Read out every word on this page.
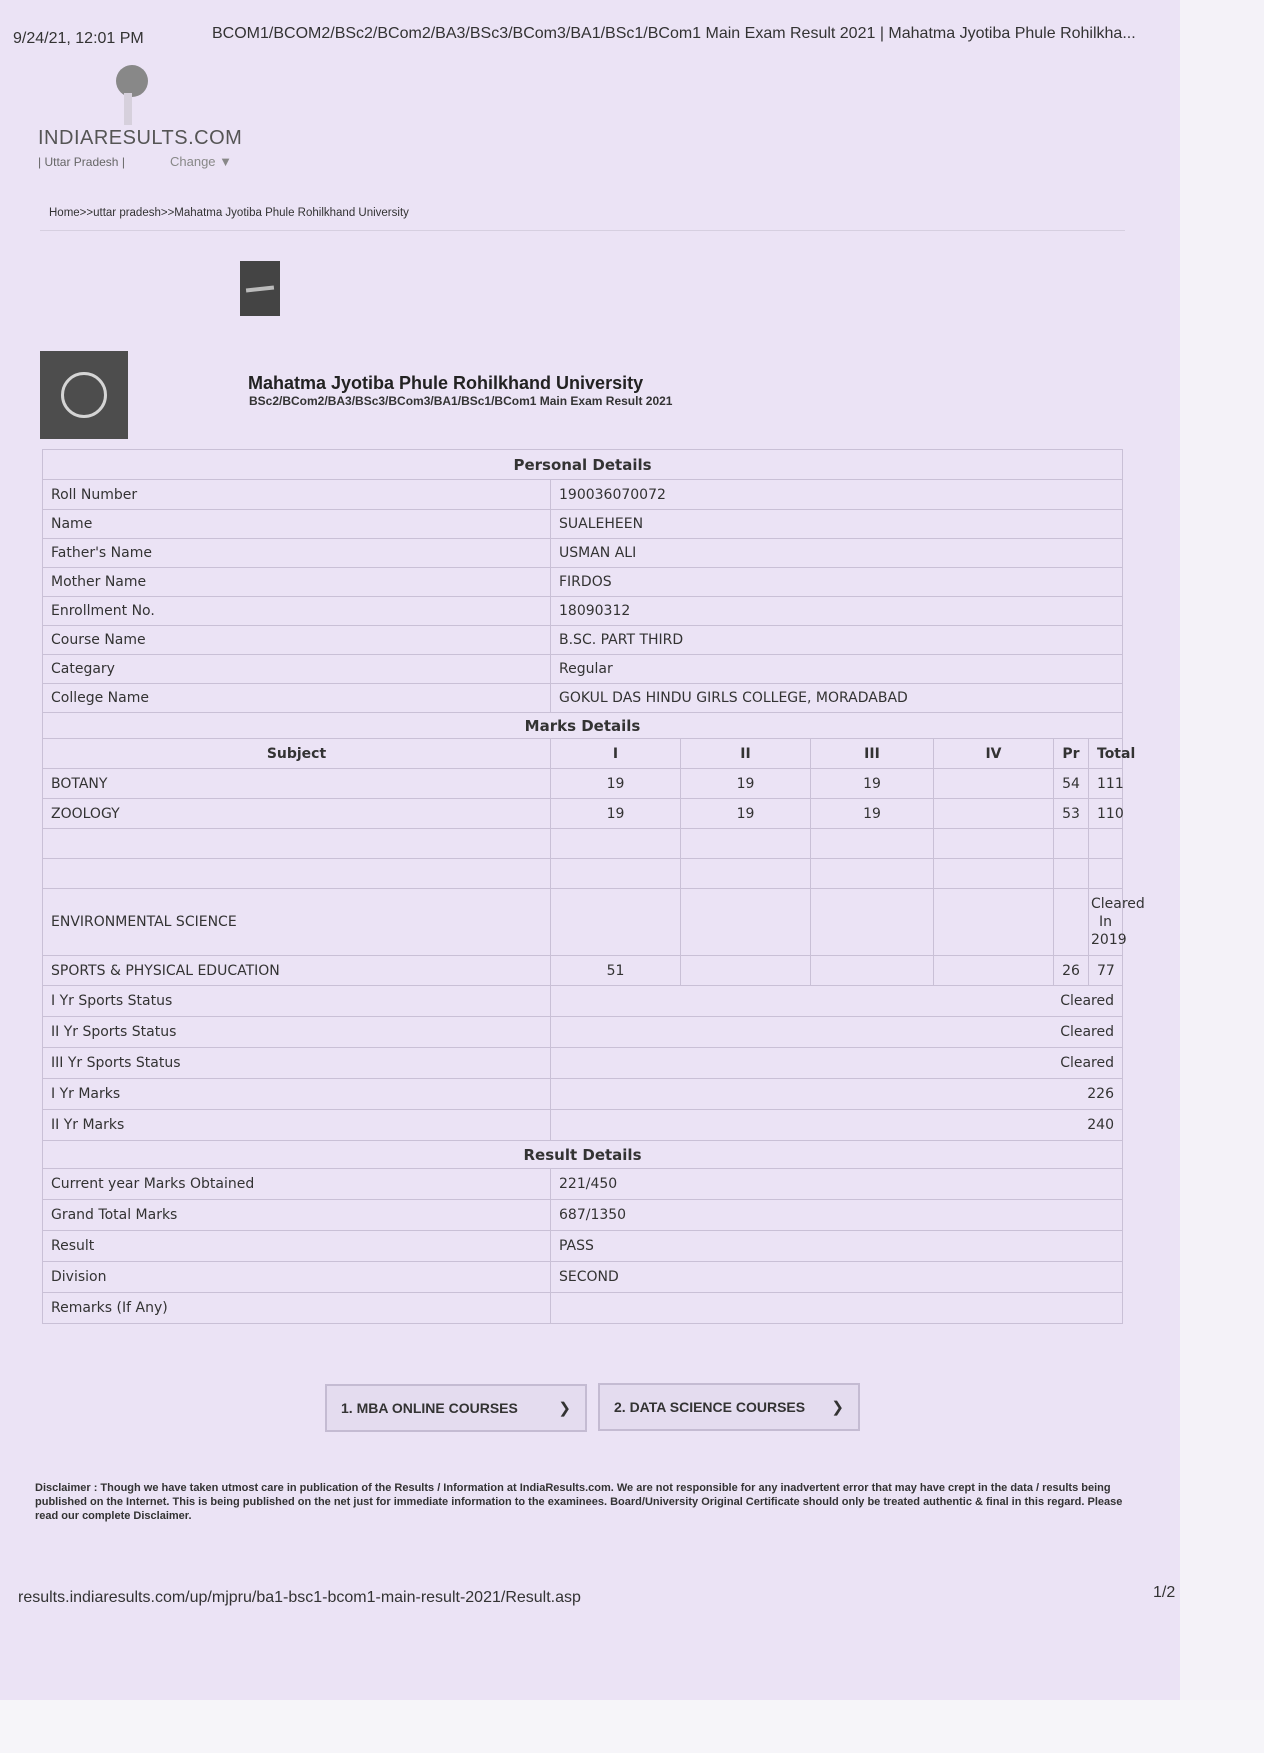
9/24/21, 12:01 PM	BCOM1/BCOM2/BSc2/BCom2/BA3/BSc3/BCom3/BA1/BSc1/BCom1 Main Exam Result 2021 | Mahatma Jyotiba Phule Rohilkha...
INDIARESULTS.COM
| Uttar Pradesh |	Change ▼
Home>>uttar pradesh>>Mahatma Jyotiba Phule Rohilkhand University
Mahatma Jyotiba Phule Rohilkhand University
BSc2/BCom2/BA3/BSc3/BCom3/BA1/BSc1/BCom1 Main Exam Result 2021
Personal Details						
Roll Number	190036070072					
Name	SUALEHEEN					
Father's Name	USMAN ALI					
Mother Name	FIRDOS					
Enrollment No.	18090312					
Course Name	B.SC. PART THIRD					
Categary	Regular					
College Name	GOKUL DAS HINDU GIRLS COLLEGE, MORADABAD					
Marks Details						
Subject	I	II	III	IV	Pr	Total
BOTANY	19	19	19		54	111
ZOOLOGY	19	19	19		53	110

ENVIRONMENTAL SCIENCE						Cleared In 2019
SPORTS & PHYSICAL EDUCATION	51				26	77
I Yr Sports Status	Cleared					
II Yr Sports Status	Cleared					
III Yr Sports Status	Cleared					
I Yr Marks	226					
II Yr Marks	240					
Result Details						
Current year Marks Obtained	221/450					
Grand Total Marks	687/1350					
Result	PASS					
Division	SECOND					
Remarks (If Any)						
1. MBA ONLINE COURSES	❯	2. DATA SCIENCE COURSES	❯
Disclaimer : Though we have taken utmost care in publication of the Results / Information at IndiaResults.com. We are not responsible for any inadvertent error that may have crept in the data / results being published on the Internet. This is being published on the net just for immediate information to the examinees. Board/University Original Certificate should only be treated authentic & final in this regard. Please read our complete Disclaimer.
results.indiaresults.com/up/mjpru/ba1-bsc1-bcom1-main-result-2021/Result.asp	1/2
